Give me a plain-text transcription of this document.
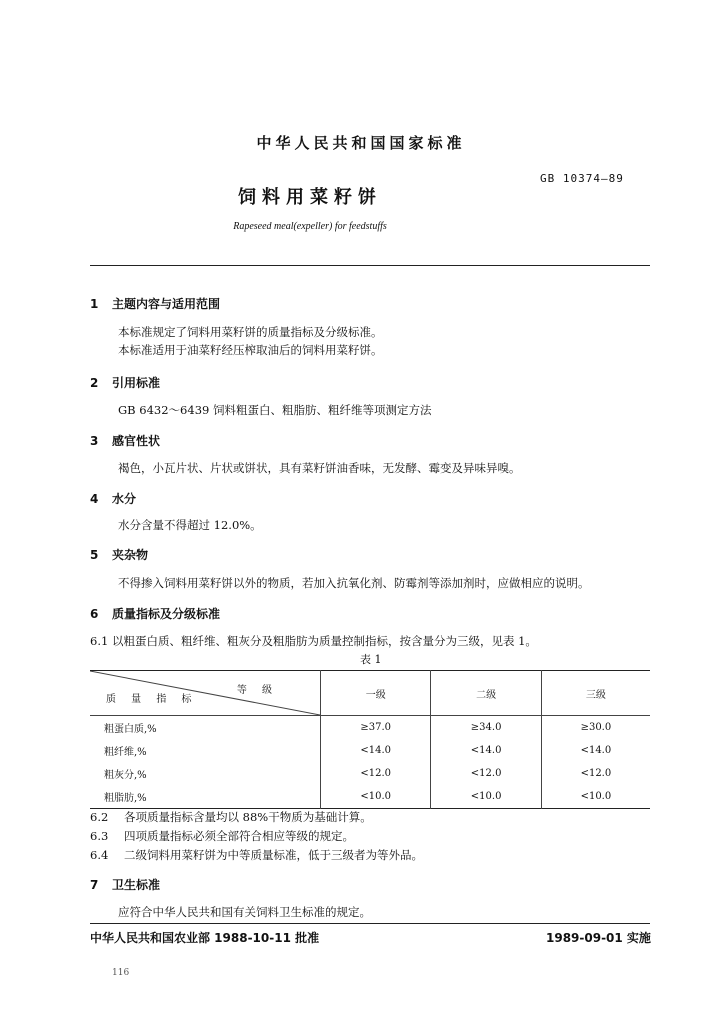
中华人民共和国国家标准
GB 10374—89
饲料用菜籽饼
Rapeseed meal(expeller) for feedstuffs
1 主题内容与适用范围
本标准规定了饲料用菜籽饼的质量指标及分级标准。
本标准适用于油菜籽经压榨取油后的饲料用菜籽饼。
2 引用标准
GB 6432～6439 饲料粗蛋白、粗脂肪、粗纤维等项测定方法
3 感官性状
褐色，小瓦片状、片状或饼状，具有菜籽饼油香味，无发酵、霉变及异味异嗅。
4 水分
水分含量不得超过 12.0%。
5 夹杂物
不得掺入饲料用菜籽饼以外的物质，若加入抗氧化剂、防霉剂等添加剂时，应做相应的说明。
6 质量指标及分级标准
6.1 以粗蛋白质、粗纤维、粗灰分及粗脂肪为质量控制指标，按含量分为三级，见表 1。
表 1
等 级
质 量 指 标	一级	二级	三级
粗蛋白质,%	≥37.0	≥34.0	≥30.0
粗纤维,%	<14.0	<14.0	<14.0
粗灰分,%	<12.0	<12.0	<12.0
粗脂肪,%	<10.0	<10.0	<10.0
6.2 各项质量指标含量均以 88%干物质为基础计算。
6.3 四项质量指标必须全部符合相应等级的规定。
6.4 二级饲料用菜籽饼为中等质量标准，低于三级者为等外品。
7 卫生标准
应符合中华人民共和国有关饲料卫生标准的规定。
中华人民共和国农业部 1988-10-11 批准	1989-09-01 实施
116
